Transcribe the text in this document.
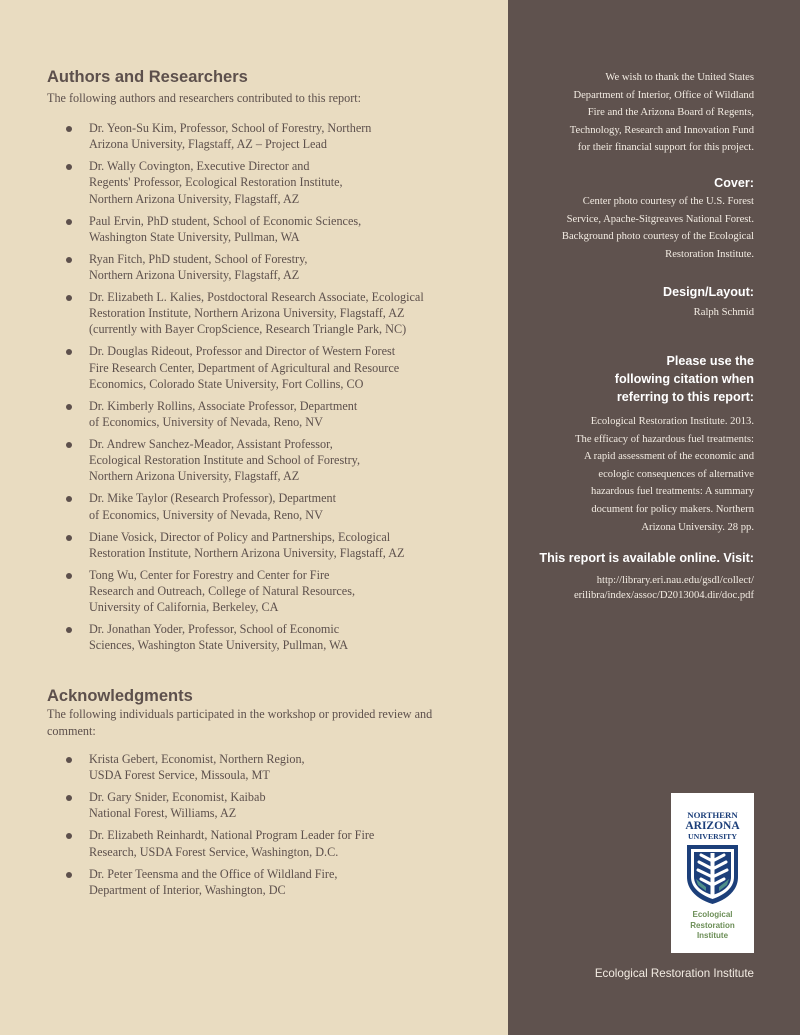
Authors and Researchers

The following authors and researchers contributed to this report:

Dr. Yeon-Su Kim, Professor, School of Forestry, Northern
Arizona University, Flagstaff, AZ – Project Lead
Dr. Wally Covington, Executive Director and
Regents' Professor, Ecological Restoration Institute,
Northern Arizona University, Flagstaff, AZ
Paul Ervin, PhD student, School of Economic Sciences,
Washington State University, Pullman, WA
Ryan Fitch, PhD student, School of Forestry,
Northern Arizona University, Flagstaff, AZ
Dr. Elizabeth L. Kalies, Postdoctoral Research Associate, Ecological
Restoration Institute, Northern Arizona University, Flagstaff, AZ
(currently with Bayer CropScience, Research Triangle Park, NC)
Dr. Douglas Rideout, Professor and Director of Western Forest
Fire Research Center, Department of Agricultural and Resource
Economics, Colorado State University, Fort Collins, CO
Dr. Kimberly Rollins, Associate Professor, Department
of Economics, University of Nevada, Reno, NV
Dr. Andrew Sanchez-Meador, Assistant Professor,
Ecological Restoration Institute and School of Forestry,
Northern Arizona University, Flagstaff, AZ
Dr. Mike Taylor (Research Professor), Department
of Economics, University of Nevada, Reno, NV
Diane Vosick, Director of Policy and Partnerships, Ecological
Restoration Institute, Northern Arizona University, Flagstaff, AZ
Tong Wu, Center for Forestry and Center for Fire
Research and Outreach, College of Natural Resources,
University of California, Berkeley, CA
Dr. Jonathan Yoder, Professor, School of Economic
Sciences, Washington State University, Pullman, WA
Acknowledgments

The following individuals participated in the workshop or provided review and comment:

Krista Gebert, Economist, Northern Region,
USDA Forest Service, Missoula, MT
Dr. Gary Snider, Economist, Kaibab
National Forest, Williams, AZ
Dr. Elizabeth Reinhardt, National Program Leader for Fire
Research, USDA Forest Service, Washington, D.C.
Dr. Peter Teensma and the Office of Wildland Fire,
Department of Interior, Washington, DC

We wish to thank the United States
Department of Interior, Office of Wildland
Fire and the Arizona Board of Regents,
Technology, Research and Innovation Fund
for their financial support for this project.

Cover:

Center photo courtesy of the U.S. Forest
Service, Apache-Sitgreaves National Forest.
Background photo courtesy of the Ecological
Restoration Institute.

Design/Layout:

Ralph Schmid

Please use the
following citation when
referring to this report:

Ecological Restoration Institute. 2013.
The efficacy of hazardous fuel treatments:
A rapid assessment of the economic and
ecologic consequences of alternative
hazardous fuel treatments: A summary
document for policy makers. Northern
Arizona University. 28 pp.

This report is available online. Visit:

http://library.eri.nau.edu/gsdl/collect/
erilibra/index/assoc/D2013004.dir/doc.pdf

NORTHERN
ARIZONA
UNIVERSITY
Ecological
Restoration
Institute

Ecological Restoration Institute
